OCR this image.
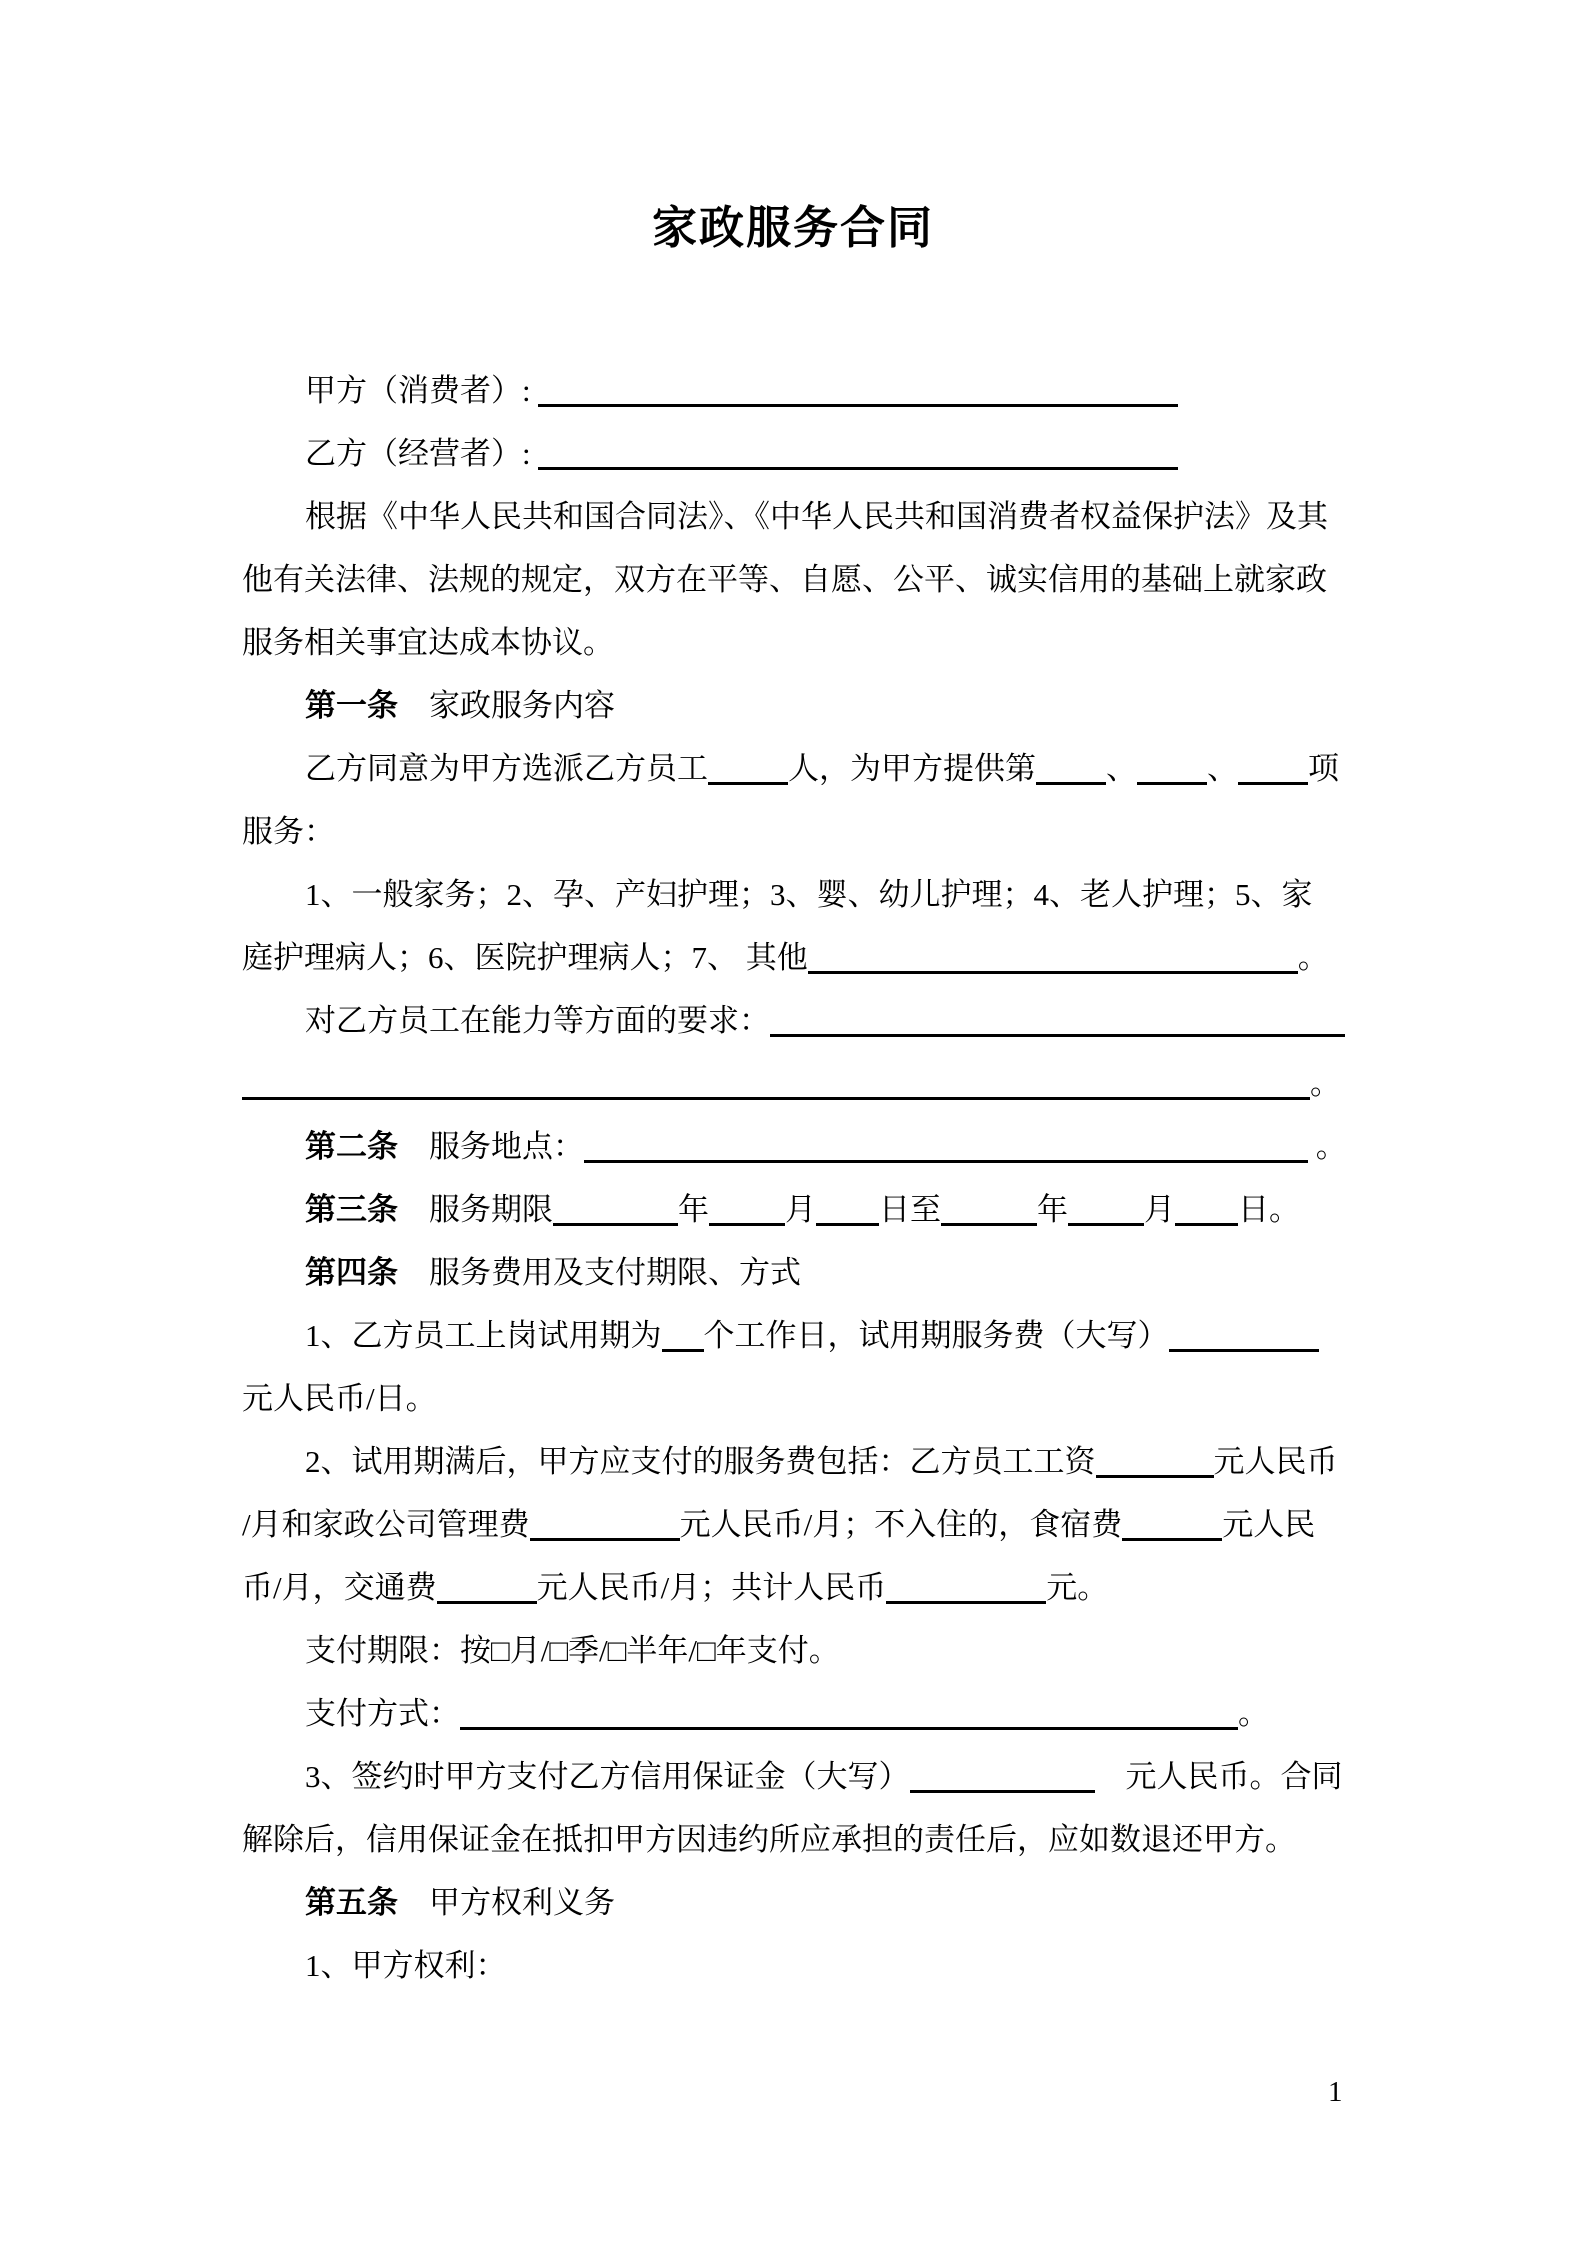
家政服务合同

甲方（消费者）:

乙方（经营者）:

根据《中华人民共和国合同法》、《中华人民共和国消费者权益保护法》及其

他有关法律、法规的规定，双方在平等、自愿、公平、诚实信用的基础上就家政

服务相关事宜达成本协议。

第一条　家政服务内容

乙方同意为甲方选派乙方员工	人，为甲方提供第 、 、 项

服务：

1、一般家务；2、孕、产妇护理；3、婴、幼儿护理；4、老人护理；5、家

庭护理病人；6、医院护理病人；7、 其他	。

对乙方员工在能力等方面的要求：

。

第二条　服务地点：	。

第三条　服务期限	年 月 日至	年 月 日。

第四条　服务费用及支付期限、方式

1、乙方员工上岗试用期为 个工作日，试用期服务费（大写）

元人民币/日。

2、试用期满后，甲方应支付的服务费包括：乙方员工工资	元人民币

/月和家政公司管理费	元人民币/月；不入住的，食宿费	元人民

币/月，交通费	元人民币/月；共计人民币	元。

支付期限：按□月/□季/□半年/□年支付。

支付方式：	。

3、签约时甲方支付乙方信用保证金（大写）	　元人民币。合同

解除后，信用保证金在抵扣甲方因违约所应承担的责任后，应如数退还甲方。

第五条　甲方权利义务

1、甲方权利：

1
